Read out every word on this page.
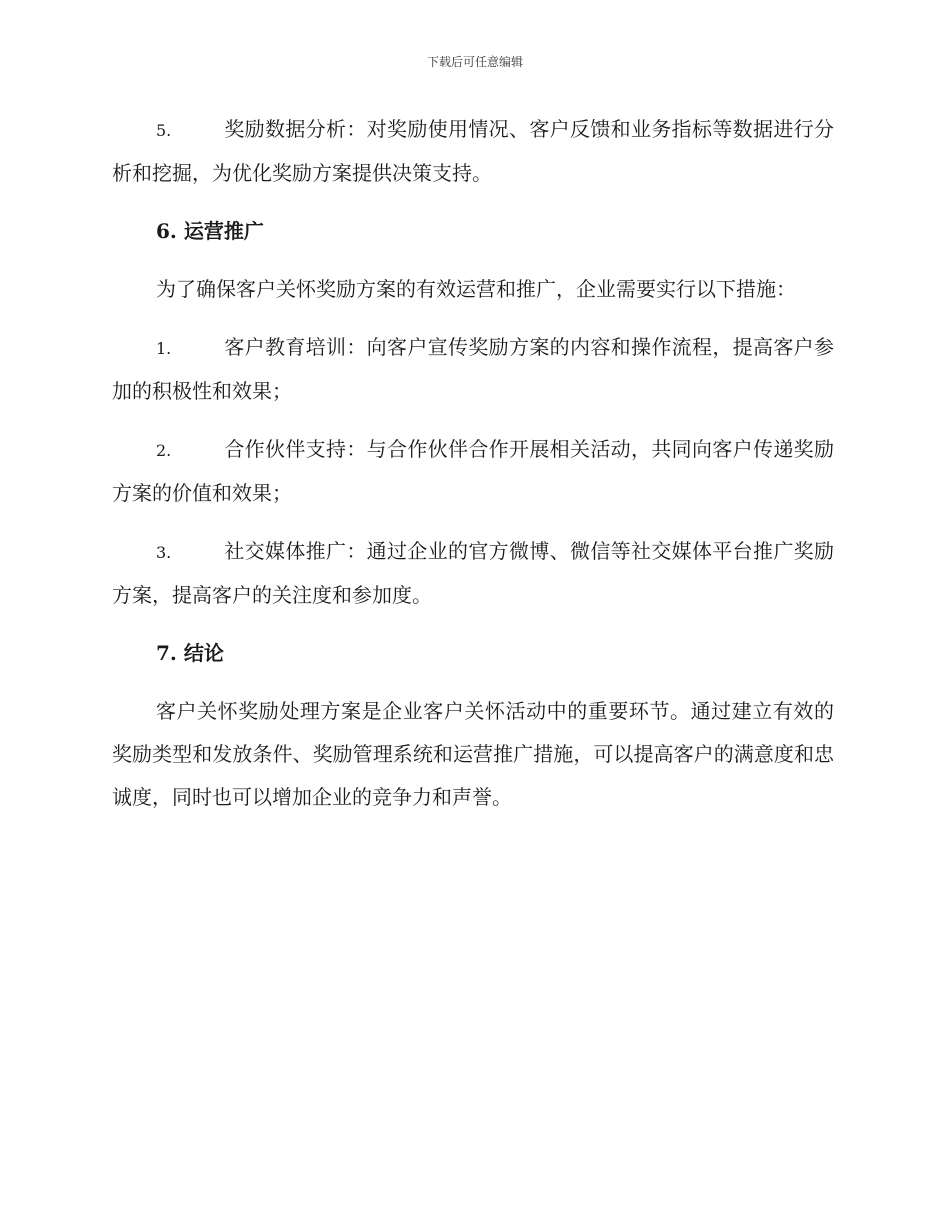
下载后可任意编辑

5.	奖励数据分析：对奖励使用情况、客户反馈和业务指标等数据进行分析和挖掘，为优化奖励方案提供决策支持。

6. 运营推广

为了确保客户关怀奖励方案的有效运营和推广，企业需要实行以下措施：

1.	客户教育培训：向客户宣传奖励方案的内容和操作流程，提高客户参加的积极性和效果；

2.	合作伙伴支持：与合作伙伴合作开展相关活动，共同向客户传递奖励方案的价值和效果；

3.	社交媒体推广：通过企业的官方微博、微信等社交媒体平台推广奖励方案，提高客户的关注度和参加度。

7. 结论

客户关怀奖励处理方案是企业客户关怀活动中的重要环节。通过建立有效的奖励类型和发放条件、奖励管理系统和运营推广措施，可以提高客户的满意度和忠诚度，同时也可以增加企业的竞争力和声誉。
